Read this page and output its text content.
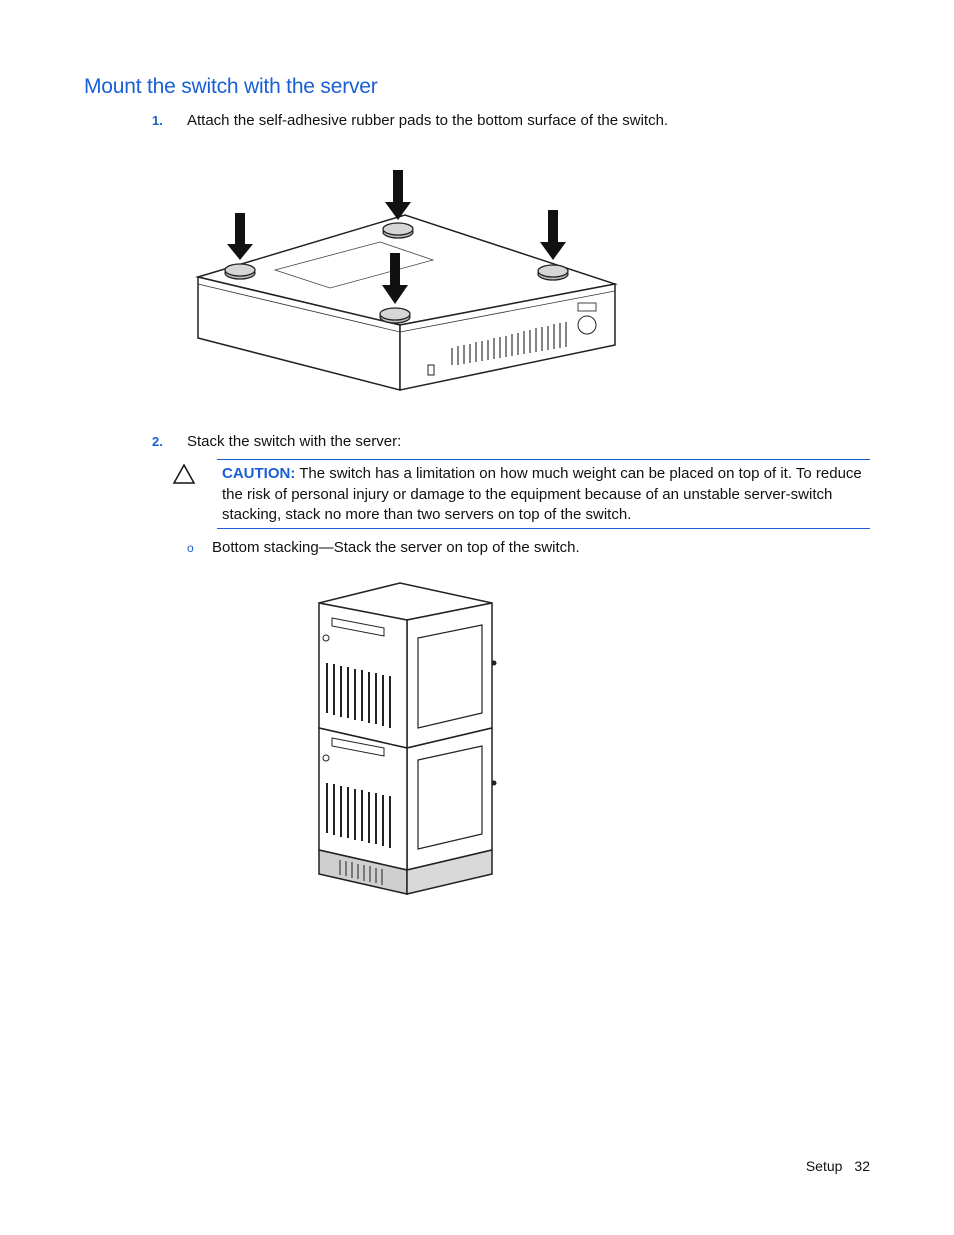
Mount the switch with the server
1. Attach the self-adhesive rubber pads to the bottom surface of the switch.
2. Stack the switch with the server:
CAUTION: The switch has a limitation on how much weight can be placed on top of it. To reduce the risk of personal injury or damage to the equipment because of an unstable server-switch stacking, stack no more than two servers on top of the switch.
o Bottom stacking—Stack the server on top of the switch.
Setup 32
